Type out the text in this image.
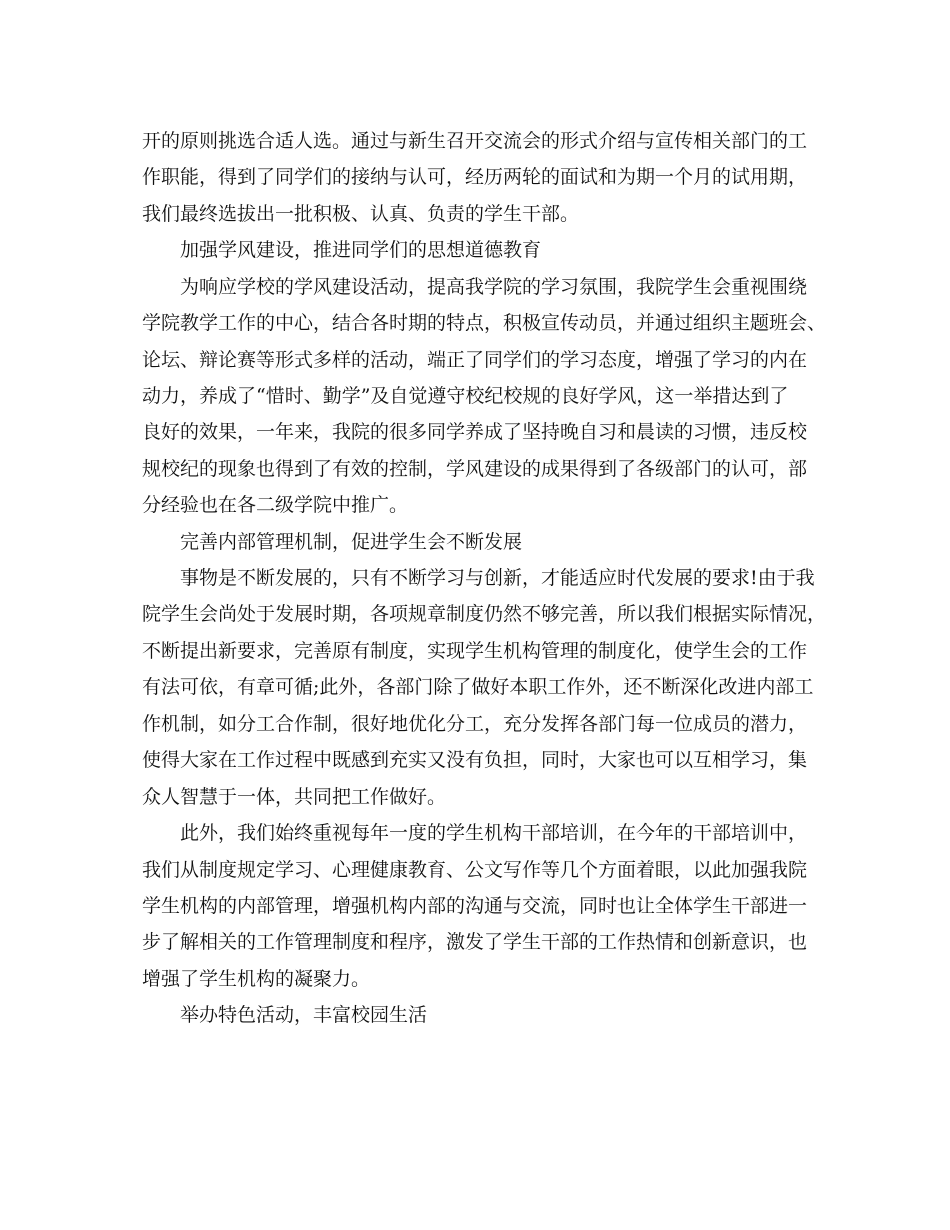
开的原则挑选合适人选。通过与新生召开交流会的形式介绍与宣传相关部门的工
作职能，得到了同学们的接纳与认可，经历两轮的面试和为期一个月的试用期，
我们最终选拔出一批积极、认真、负责的学生干部。
加强学风建设，推进同学们的思想道德教育
为响应学校的学风建设活动，提高我学院的学习氛围，我院学生会重视围绕
学院教学工作的中心，结合各时期的特点，积极宣传动员，并通过组织主题班会、
论坛、辩论赛等形式多样的活动，端正了同学们的学习态度，增强了学习的内在
动力，养成了“惜时、勤学”及自觉遵守校纪校规的良好学风，这一举措达到了
良好的效果，一年来，我院的很多同学养成了坚持晚自习和晨读的习惯，违反校
规校纪的现象也得到了有效的控制，学风建设的成果得到了各级部门的认可，部
分经验也在各二级学院中推广。
完善内部管理机制，促进学生会不断发展
事物是不断发展的，只有不断学习与创新，才能适应时代发展的要求!由于我
院学生会尚处于发展时期，各项规章制度仍然不够完善，所以我们根据实际情况，
不断提出新要求，完善原有制度，实现学生机构管理的制度化，使学生会的工作
有法可依，有章可循;此外，各部门除了做好本职工作外，还不断深化改进内部工
作机制，如分工合作制，很好地优化分工，充分发挥各部门每一位成员的潜力，
使得大家在工作过程中既感到充实又没有负担，同时，大家也可以互相学习，集
众人智慧于一体，共同把工作做好。
此外，我们始终重视每年一度的学生机构干部培训，在今年的干部培训中，
我们从制度规定学习、心理健康教育、公文写作等几个方面着眼，以此加强我院
学生机构的内部管理，增强机构内部的沟通与交流，同时也让全体学生干部进一
步了解相关的工作管理制度和程序，激发了学生干部的工作热情和创新意识，也
增强了学生机构的凝聚力。
举办特色活动，丰富校园生活
